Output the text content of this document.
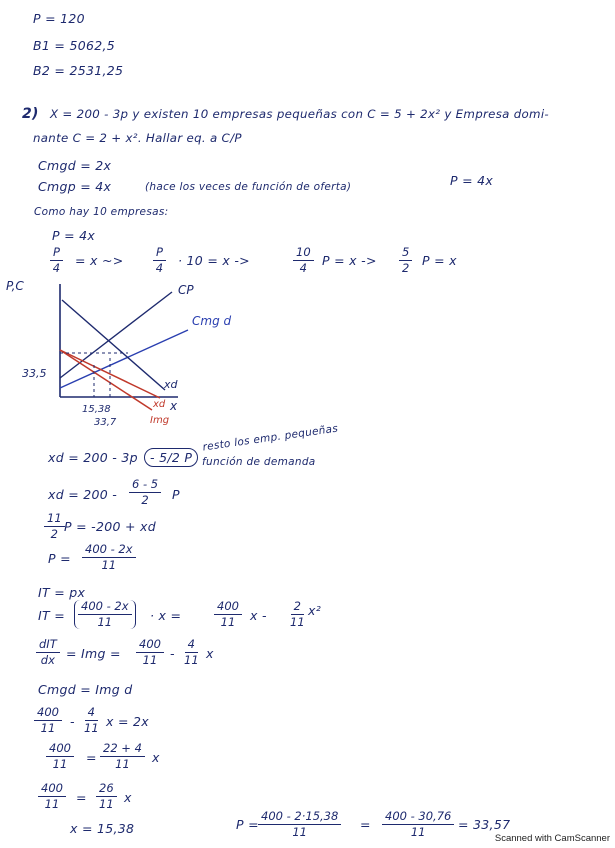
P = 120
B1 = 5062,5
B2 = 2531,25
2) X = 200 - 3p y existen 10 empresas pequeñas con C = 5 + 2x² y Empresa domi-
nante C = 2 + x². Hallar eq. a C/P
Cmgd = 2x
Cmgp = 4x	(hace los veces de función de oferta)	P = 4x
Como hay 10 empresas:
P = 4x
$\frac{P}{4} = x$ ~>	$\frac{P}{4} \cdot 10 = x$ ->	$\frac{10}{4}$ $P = x -> \frac{5}{2}$ P = x
P,C
x
CP
Cmg d
xd
xd
Img
33,5
15,38
33,7
xd = 200 - 3p - 5/2 P
resto los emp. pequeñas
función de demanda
xd = $200 - \frac{6 - 5}{2}$ P
$\frac{11}{2}$ P = -200 + xd
$P = \frac{400 - 2x}{11}$
IT = px
IT = $\frac{400 - 2x}{11} \cdot x$ =	$\frac{400}{11}$ x - $\frac{2}{11} x^2$
dIT
dx = Img = $\frac{400}{11} - \frac{4}{11}$ x
Cmgd = Img d
$\frac{400}{11} - \frac{4}{11}$ x = 2x
$\frac{400}{11} = \frac{22 + 4}{11}$ x
$\frac{400}{11} = \frac{26}{11}$ x
x = 15,38	$P = \frac{400 - 2\cdot 15,38}{11} = \frac{400 - 30,76}{11} = 33,57$
Scanned with CamScanner
